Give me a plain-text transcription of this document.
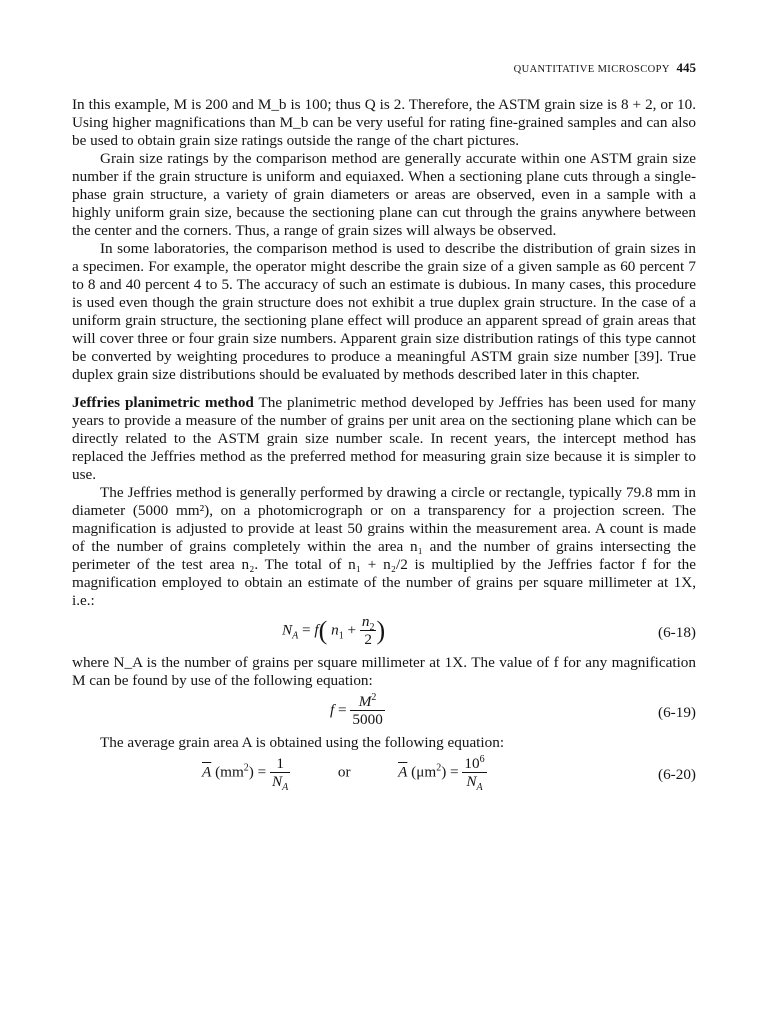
QUANTITATIVE MICROSCOPY 445

In this example, M is 200 and M_b is 100; thus Q is 2. Therefore, the ASTM grain size is 8 + 2, or 10. Using higher magnifications than M_b can be very useful for rating fine-grained samples and can also be used to obtain grain size ratings outside the range of the chart pictures.

Grain size ratings by the comparison method are generally accurate within one ASTM grain size number if the grain structure is uniform and equiaxed. When a sectioning plane cuts through a single-phase grain structure, a variety of grain diameters or areas are observed, even in a sample with a highly uniform grain size, because the sectioning plane can cut through the grains anywhere between the center and the corners. Thus, a range of grain sizes will always be observed.

In some laboratories, the comparison method is used to describe the distribution of grain sizes in a specimen. For example, the operator might describe the grain size of a given sample as 60 percent 7 to 8 and 40 percent 4 to 5. The accuracy of such an estimate is dubious. In many cases, this procedure is used even though the grain structure does not exhibit a true duplex grain structure. In the case of a uniform grain structure, the sectioning plane effect will produce an apparent spread of grain areas that will cover three or four grain size numbers. Apparent grain size distribution ratings of this type cannot be converted by weighting procedures to produce a meaningful ASTM grain size number [39]. True duplex grain size distributions should be evaluated by methods described later in this chapter.

Jeffries planimetric method The planimetric method developed by Jeffries has been used for many years to provide a measure of the number of grains per unit area on the sectioning plane which can be directly related to the ASTM grain size number scale. In recent years, the intercept method has replaced the Jeffries method as the preferred method for measuring grain size because it is simpler to use.

The Jeffries method is generally performed by drawing a circle or rectangle, typically 79.8 mm in diameter (5000 mm²), on a photomicrograph or on a transparency for a projection screen. The magnification is adjusted to provide at least 50 grains within the measurement area. A count is made of the number of grains completely within the area n₁ and the number of grains intersecting the perimeter of the test area n₂. The total of n₁ + n₂/2 is multiplied by the Jeffries factor f for the magnification employed to obtain an estimate of the number of grains per square millimeter at 1X, i.e.:

$N_A = f$( $n_1 + \frac{n_2}{2}$ )	(6-18)

where N_A is the number of grains per square millimeter at 1X. The value of f for any magnification M can be found by use of the following equation:

$f = \frac{M^2}{5000}$	(6-19)

The average grain area A is obtained using the following equation:

$\overline{A}$ $(mm^2) = \frac{1}{N_A}$	or	$\overline{A}$ $(\mu m^2) = \frac{10^6}{N_A}$	(6-20)
